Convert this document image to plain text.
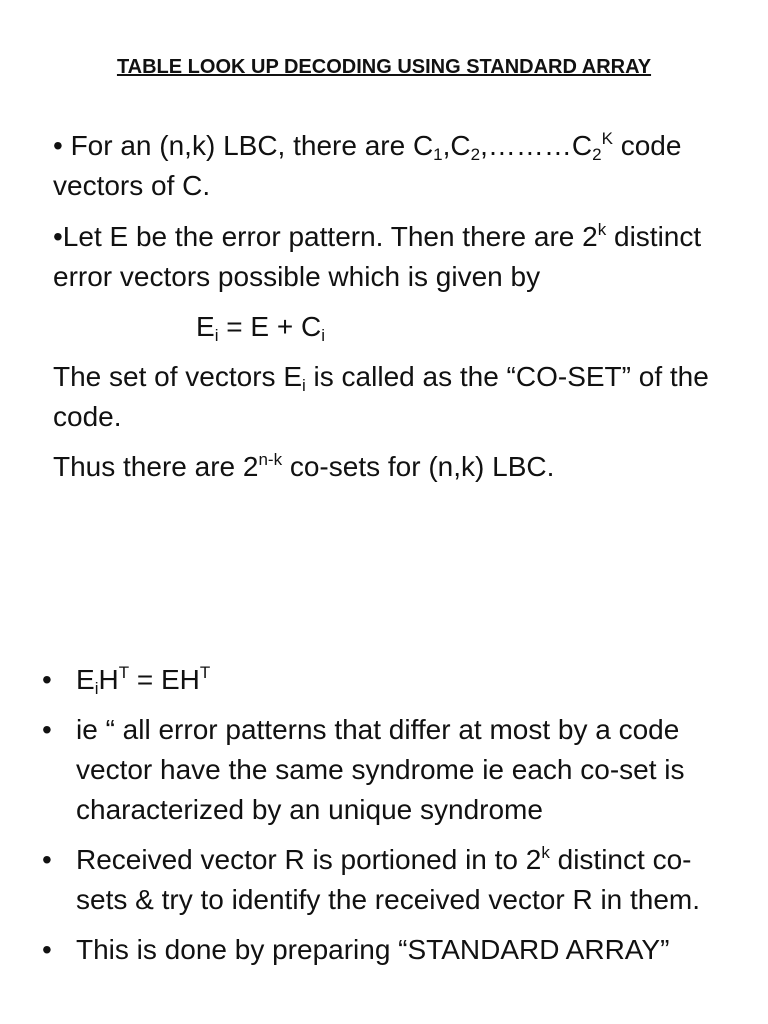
TABLE LOOK UP DECODING USING STANDARD ARRAY
• For an (n,k) LBC, there are $C_1,C_2,\dots\dots\dots C_2^K$ code vectors of C.
•Let E be the error pattern. Then there are 2$^k$ distinct error vectors possible which is given by
$E_i = E + C_i$
The set of vectors $E_i$ is called as the “CO-SET” of the code.
Thus there are 2$^{n-k}$ co-sets for (n,k) LBC.
• $E_iH^T = EH^T$
• ie “ all error patterns that differ at most by a code vector have the same syndrome ie each co-set is characterized by an unique syndrome
• Received vector R is portioned in to 2$^k$ distinct co-sets & try to identify the received vector R in them.
• This is done by preparing “STANDARD ARRAY”
